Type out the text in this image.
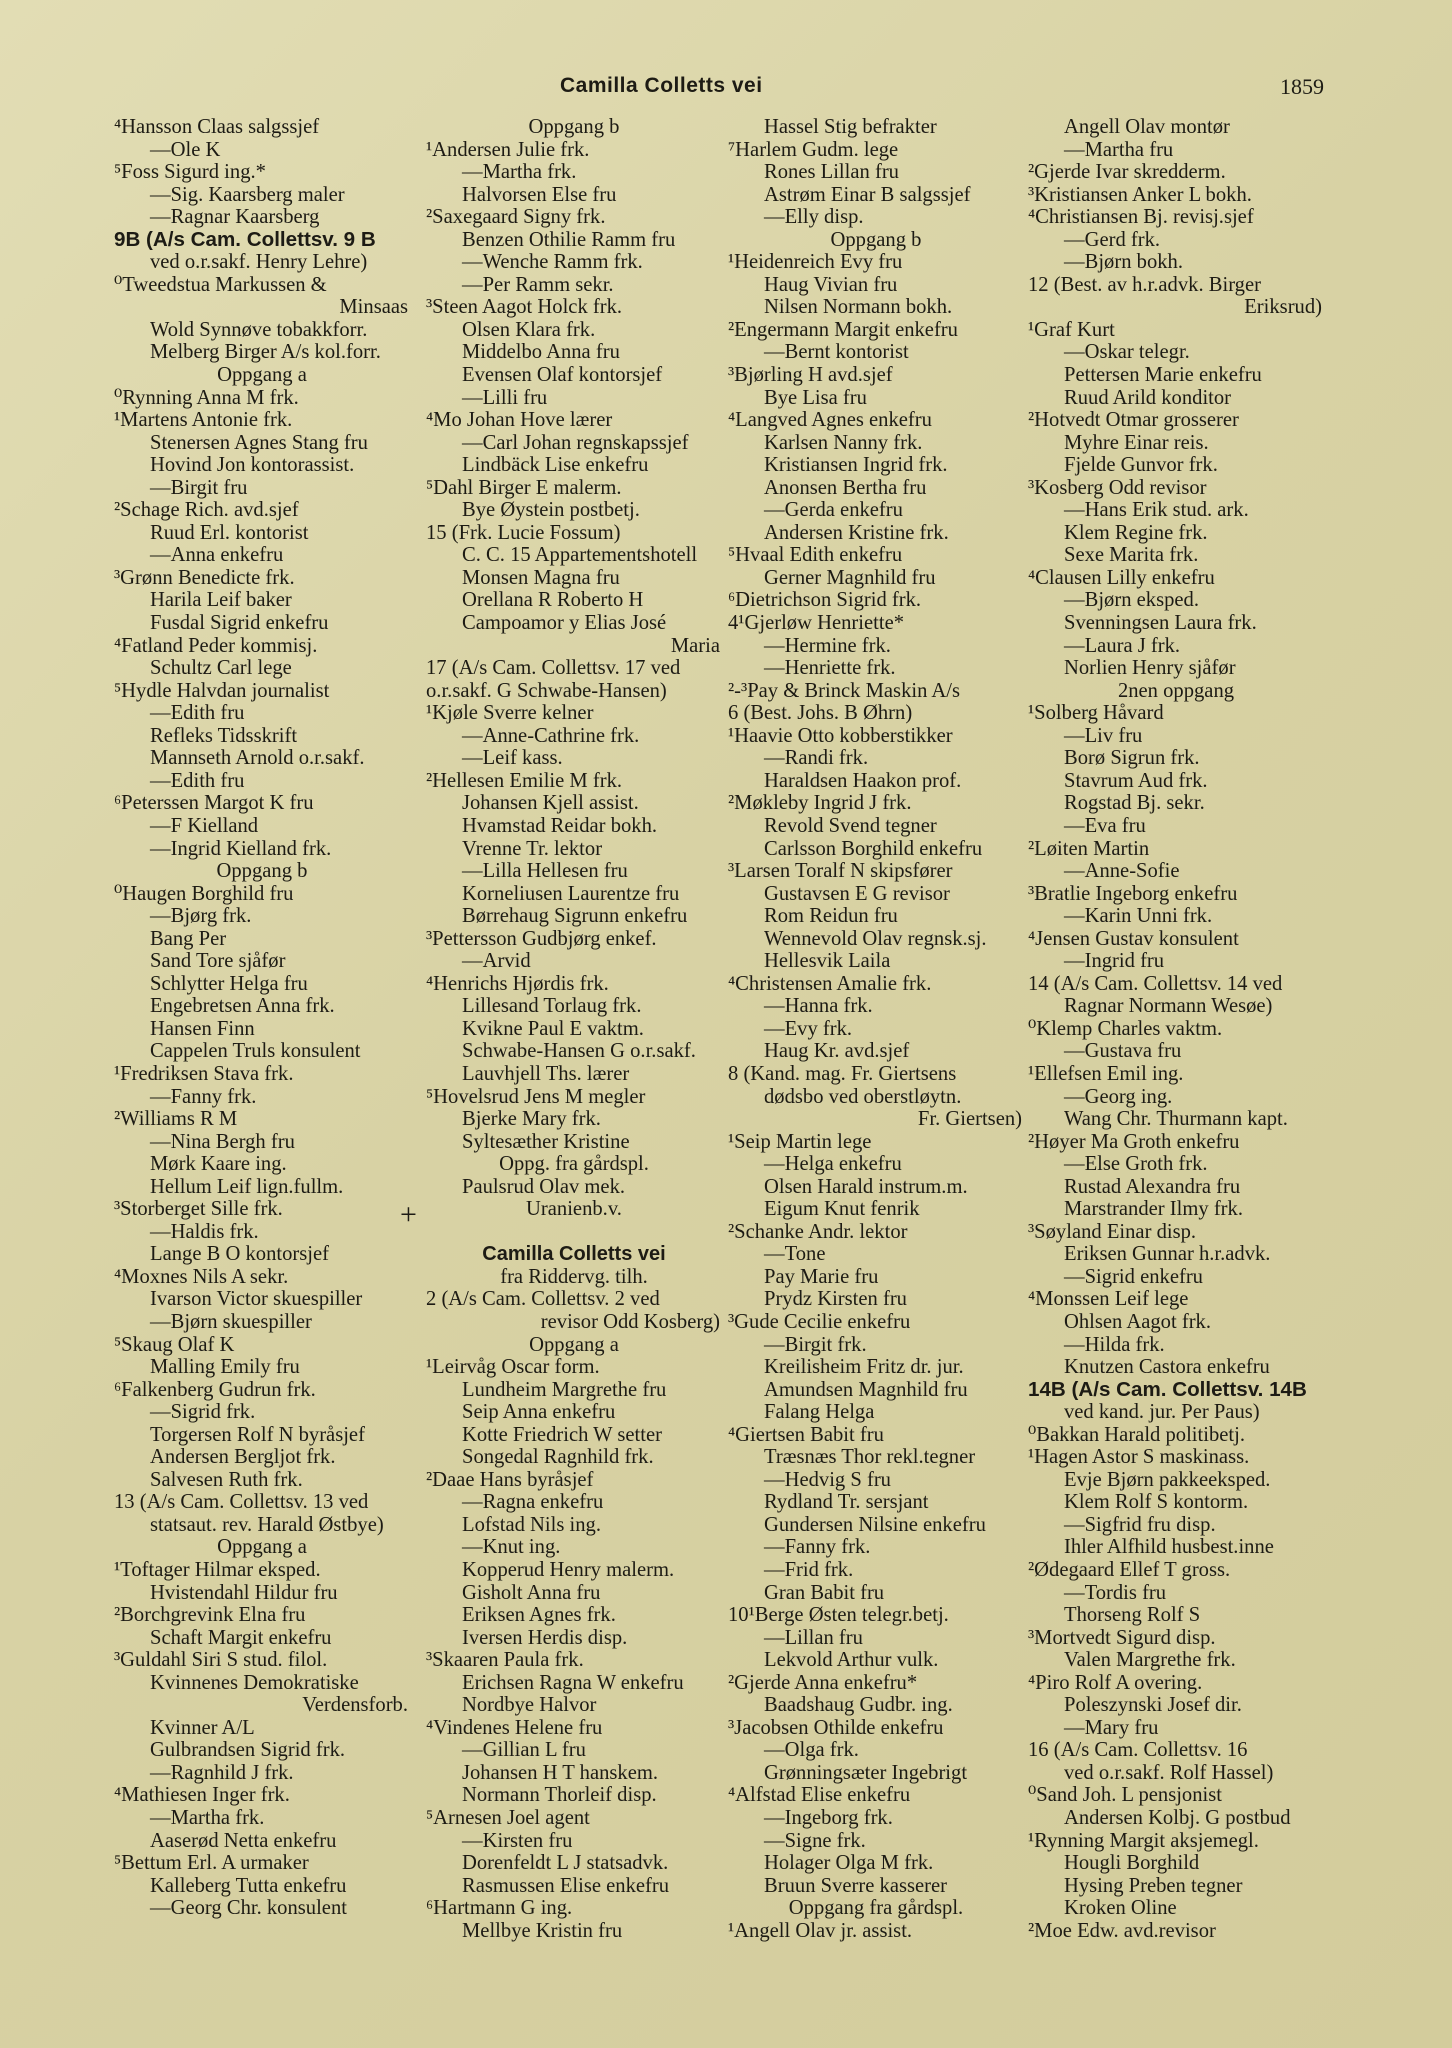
Camilla Colletts vei	1859
⁴Hansson Claas salgssjef
—Ole K
⁵Foss Sigurd ing.*
—Sig. Kaarsberg maler
—Ragnar Kaarsberg
9B (A/s Cam. Collettsv. 9 B
ved o.r.sakf. Henry Lehre)
⁰Tweedstua Markussen &
Minsaas
Wold Synnøve tobakkforr.
Melberg Birger A/s kol.forr.
Oppgang a
⁰Rynning Anna M frk.
¹Martens Antonie frk.
Stenersen Agnes Stang fru
Hovind Jon kontorassist.
—Birgit fru
²Schage Rich. avd.sjef
Ruud Erl. kontorist
—Anna enkefru
³Grønn Benedicte frk.
Harila Leif baker
Fusdal Sigrid enkefru
⁴Fatland Peder kommisj.
Schultz Carl lege
⁵Hydle Halvdan journalist
—Edith fru
Refleks Tidsskrift
Mannseth Arnold o.r.sakf.
—Edith fru
⁶Peterssen Margot K fru
—F Kielland
—Ingrid Kielland frk.
Oppgang b
⁰Haugen Borghild fru
—Bjørg frk.
Bang Per
Sand Tore sjåfør
Schlytter Helga fru
Engebretsen Anna frk.
Hansen Finn
Cappelen Truls konsulent
¹Fredriksen Stava frk.
—Fanny frk.
²Williams R M
—Nina Bergh fru
Mørk Kaare ing.
Hellum Leif lign.fullm.
³Storberget Sille frk.
—Haldis frk.
Lange B O kontorsjef
⁴Moxnes Nils A sekr.
Ivarson Victor skuespiller
—Bjørn skuespiller
⁵Skaug Olaf K
Malling Emily fru
⁶Falkenberg Gudrun frk.
—Sigrid frk.
Torgersen Rolf N byråsjef
Andersen Bergljot frk.
Salvesen Ruth frk.
13 (A/s Cam. Collettsv. 13 ved
statsaut. rev. Harald Østbye)
Oppgang a
¹Toftager Hilmar eksped.
Hvistendahl Hildur fru
²Borchgrevink Elna fru
Schaft Margit enkefru
³Guldahl Siri S stud. filol.
Kvinnenes Demokratiske
Verdensforb.
Kvinner A/L
Gulbrandsen Sigrid frk.
—Ragnhild J frk.
⁴Mathiesen Inger frk.
—Martha frk.
Aaserød Netta enkefru
⁵Bettum Erl. A urmaker
Kalleberg Tutta enkefru
—Georg Chr. konsulent
Oppgang b
¹Andersen Julie frk.
—Martha frk.
Halvorsen Else fru
²Saxegaard Signy frk.
Benzen Othilie Ramm fru
—Wenche Ramm frk.
—Per Ramm sekr.
³Steen Aagot Holck frk.
Olsen Klara frk.
Middelbo Anna fru
Evensen Olaf kontorsjef
—Lilli fru
⁴Mo Johan Hove lærer
—Carl Johan regnskapssjef
Lindbäck Lise enkefru
⁵Dahl Birger E malerm.
Bye Øystein postbetj.
15 (Frk. Lucie Fossum)
C. C. 15 Appartementshotell
Monsen Magna fru
Orellana R Roberto H
Campoamor y Elias José
Maria
17 (A/s Cam. Collettsv. 17 ved
o.r.sakf. G Schwabe-Hansen)
¹Kjøle Sverre kelner
—Anne-Cathrine frk.
—Leif kass.
²Hellesen Emilie M frk.
Johansen Kjell assist.
Hvamstad Reidar bokh.
Vrenne Tr. lektor
—Lilla Hellesen fru
Korneliusen Laurentze fru
Børrehaug Sigrunn enkefru
³Pettersson Gudbjørg enkef.
—Arvid
⁴Henrichs Hjørdis frk.
Lillesand Torlaug frk.
Kvikne Paul E vaktm.
Schwabe-Hansen G o.r.sakf.
Lauvhjell Ths. lærer
⁵Hovelsrud Jens M megler
Bjerke Mary frk.
Syltesæther Kristine
Oppg. fra gårdspl.
Paulsrud Olav mek.
Uranienb.v.
Camilla Colletts vei
fra Riddervg. tilh.
2 (A/s Cam. Collettsv. 2 ved
revisor Odd Kosberg)
Oppgang a
¹Leirvåg Oscar form.
Lundheim Margrethe fru
Seip Anna enkefru
Kotte Friedrich W setter
Songedal Ragnhild frk.
²Daae Hans byråsjef
—Ragna enkefru
Lofstad Nils ing.
—Knut ing.
Kopperud Henry malerm.
Gisholt Anna fru
Eriksen Agnes frk.
Iversen Herdis disp.
³Skaaren Paula frk.
Erichsen Ragna W enkefru
Nordbye Halvor
⁴Vindenes Helene fru
—Gillian L fru
Johansen H T hanskem.
Normann Thorleif disp.
⁵Arnesen Joel agent
—Kirsten fru
Dorenfeldt L J statsadvk.
Rasmussen Elise enkefru
⁶Hartmann G ing.
Mellbye Kristin fru
Hassel Stig befrakter
⁷Harlem Gudm. lege
Rones Lillan fru
Astrøm Einar B salgssjef
—Elly disp.
Oppgang b
¹Heidenreich Evy fru
Haug Vivian fru
Nilsen Normann bokh.
²Engermann Margit enkefru
—Bernt kontorist
³Bjørling H avd.sjef
Bye Lisa fru
⁴Langved Agnes enkefru
Karlsen Nanny frk.
Kristiansen Ingrid frk.
Anonsen Bertha fru
—Gerda enkefru
Andersen Kristine frk.
⁵Hvaal Edith enkefru
Gerner Magnhild fru
⁶Dietrichson Sigrid frk.
4¹Gjerløw Henriette*
—Hermine frk.
—Henriette frk.
²-³Pay & Brinck Maskin A/s
6 (Best. Johs. B Øhrn)
¹Haavie Otto kobberstikker
—Randi frk.
Haraldsen Haakon prof.
²Møkleby Ingrid J frk.
Revold Svend tegner
Carlsson Borghild enkefru
³Larsen Toralf N skipsfører
Gustavsen E G revisor
Rom Reidun fru
Wennevold Olav regnsk.sj.
Hellesvik Laila
⁴Christensen Amalie frk.
—Hanna frk.
—Evy frk.
Haug Kr. avd.sjef
8 (Kand. mag. Fr. Giertsens
dødsbo ved oberstløytn.
Fr. Giertsen)
¹Seip Martin lege
—Helga enkefru
Olsen Harald instrum.m.
Eigum Knut fenrik
²Schanke Andr. lektor
—Tone
Pay Marie fru
Prydz Kirsten fru
³Gude Cecilie enkefru
—Birgit frk.
Kreilisheim Fritz dr. jur.
Amundsen Magnhild fru
Falang Helga
⁴Giertsen Babit fru
Træsnæs Thor rekl.tegner
—Hedvig S fru
Rydland Tr. sersjant
Gundersen Nilsine enkefru
—Fanny frk.
—Frid frk.
Gran Babit fru
10¹Berge Østen telegr.betj.
—Lillan fru
Lekvold Arthur vulk.
²Gjerde Anna enkefru*
Baadshaug Gudbr. ing.
³Jacobsen Othilde enkefru
—Olga frk.
Grønningsæter Ingebrigt
⁴Alfstad Elise enkefru
—Ingeborg frk.
—Signe frk.
Holager Olga M frk.
Bruun Sverre kasserer
Oppgang fra gårdspl.
¹Angell Olav jr. assist.
Angell Olav montør
—Martha fru
²Gjerde Ivar skredderm.
³Kristiansen Anker L bokh.
⁴Christiansen Bj. revisj.sjef
—Gerd frk.
—Bjørn bokh.
12 (Best. av h.r.advk. Birger
Eriksrud)
¹Graf Kurt
—Oskar telegr.
Pettersen Marie enkefru
Ruud Arild konditor
²Hotvedt Otmar grosserer
Myhre Einar reis.
Fjelde Gunvor frk.
³Kosberg Odd revisor
—Hans Erik stud. ark.
Klem Regine frk.
Sexe Marita frk.
⁴Clausen Lilly enkefru
—Bjørn eksped.
Svenningsen Laura frk.
—Laura J frk.
Norlien Henry sjåfør
2nen oppgang
¹Solberg Håvard
—Liv fru
Borø Sigrun frk.
Stavrum Aud frk.
Rogstad Bj. sekr.
—Eva fru
²Løiten Martin
—Anne-Sofie
³Bratlie Ingeborg enkefru
—Karin Unni frk.
⁴Jensen Gustav konsulent
—Ingrid fru
14 (A/s Cam. Collettsv. 14 ved
Ragnar Normann Wesøe)
⁰Klemp Charles vaktm.
—Gustava fru
¹Ellefsen Emil ing.
—Georg ing.
Wang Chr. Thurmann kapt.
²Høyer Ma Groth enkefru
—Else Groth frk.
Rustad Alexandra fru
Marstrander Ilmy frk.
³Søyland Einar disp.
Eriksen Gunnar h.r.advk.
—Sigrid enkefru
⁴Monssen Leif lege
Ohlsen Aagot frk.
—Hilda frk.
Knutzen Castora enkefru
14B (A/s Cam. Collettsv. 14B
ved kand. jur. Per Paus)
⁰Bakkan Harald politibetj.
¹Hagen Astor S maskinass.
Evje Bjørn pakkeeksped.
Klem Rolf S kontorm.
—Sigfrid fru disp.
Ihler Alfhild husbest.inne
²Ødegaard Ellef T gross.
—Tordis fru
Thorseng Rolf S
³Mortvedt Sigurd disp.
Valen Margrethe frk.
⁴Piro Rolf A overing.
Poleszynski Josef dir.
—Mary fru
16 (A/s Cam. Collettsv. 16
ved o.r.sakf. Rolf Hassel)
⁰Sand Joh. L pensjonist
Andersen Kolbj. G postbud
¹Rynning Margit aksjemegl.
Hougli Borghild
Hysing Preben tegner
Kroken Oline
²Moe Edw. avd.revisor
+
